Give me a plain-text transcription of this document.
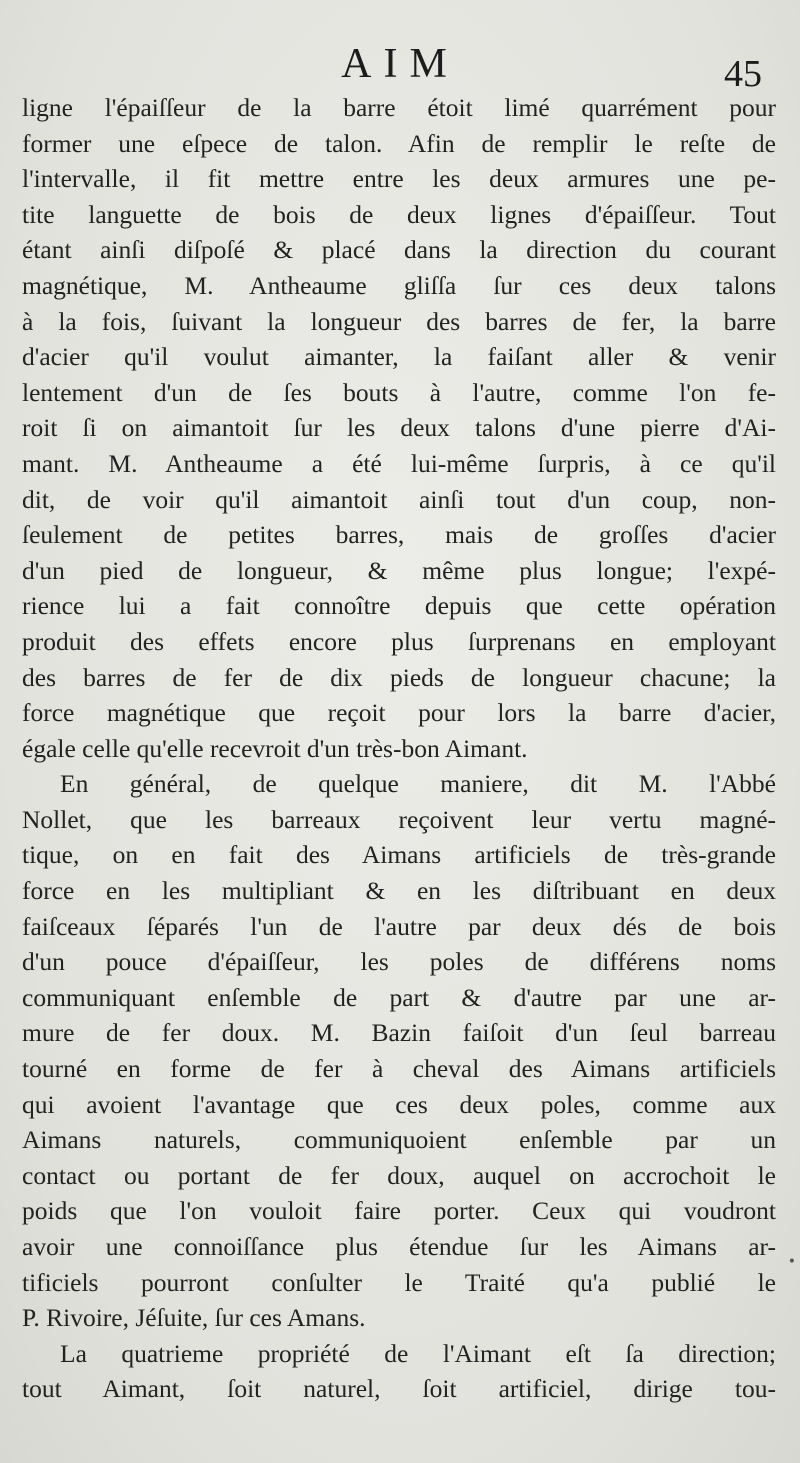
AIM	45
ligne l'épaiſſeur de la barre étoit limé quarrément pour
former une eſpece de talon. Afin de remplir le reſte de
l'intervalle, il fit mettre entre les deux armures une pe-
tite languette de bois de deux lignes d'épaiſſeur. Tout
étant ainſi diſpoſé & placé dans la direction du courant
magnétique, M. Antheaume gliſſa ſur ces deux talons
à la fois, ſuivant la longueur des barres de fer, la barre
d'acier qu'il voulut aimanter, la faiſant aller & venir
lentement d'un de ſes bouts à l'autre, comme l'on fe-
roit ſi on aimantoit ſur les deux talons d'une pierre d'Ai-
mant. M. Antheaume a été lui-même ſurpris, à ce qu'il
dit, de voir qu'il aimantoit ainſi tout d'un coup, non-
ſeulement de petites barres, mais de groſſes d'acier
d'un pied de longueur, & même plus longue; l'expé-
rience lui a fait connoître depuis que cette opération
produit des effets encore plus ſurprenans en employant
des barres de fer de dix pieds de longueur chacune; la
force magnétique que reçoit pour lors la barre d'acier,
égale celle qu'elle recevroit d'un très-bon Aimant.
En général, de quelque maniere, dit M. l'Abbé
Nollet, que les barreaux reçoivent leur vertu magné-
tique, on en fait des Aimans artificiels de très-grande
force en les multipliant & en les diſtribuant en deux
faiſceaux ſéparés l'un de l'autre par deux dés de bois
d'un pouce d'épaiſſeur, les poles de différens noms
communiquant enſemble de part & d'autre par une ar-
mure de fer doux. M. Bazin faiſoit d'un ſeul barreau
tourné en forme de fer à cheval des Aimans artificiels
qui avoient l'avantage que ces deux poles, comme aux
Aimans naturels, communiquoient enſemble par un
contact ou portant de fer doux, auquel on accrochoit le
poids que l'on vouloit faire porter. Ceux qui voudront
avoir une connoiſſance plus étendue ſur les Aimans ar-
tificiels pourront conſulter le Traité qu'a publié le
P. Rivoire, Jéſuite, ſur ces Amans.
La quatrieme propriété de l'Aimant eſt ſa direction;
tout Aimant, ſoit naturel, ſoit artificiel, dirige tou-
•
